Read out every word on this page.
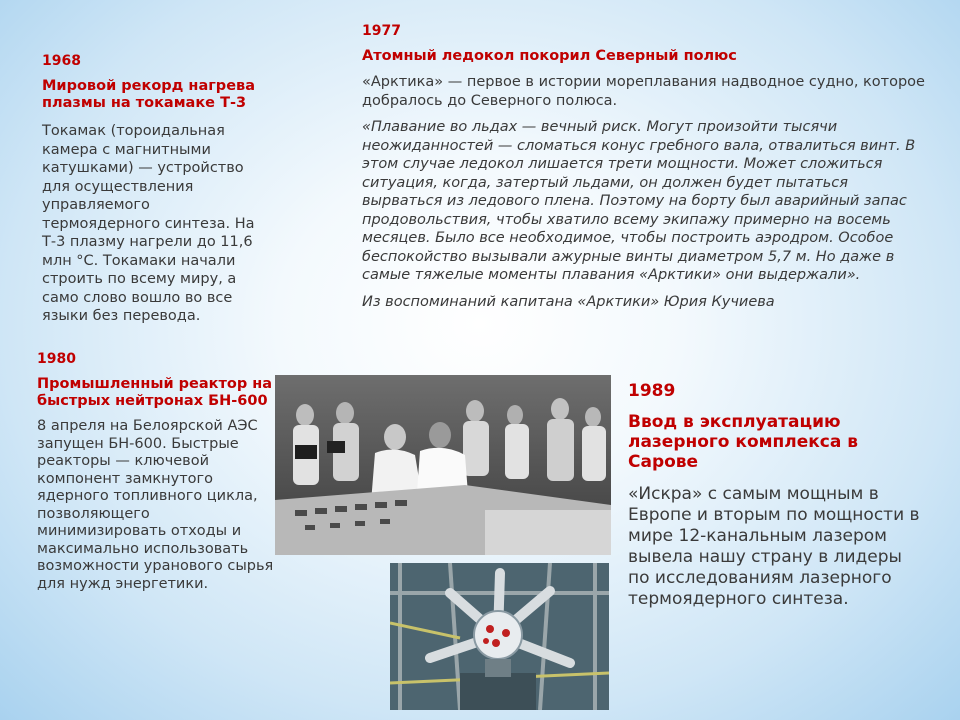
1968
Мировой рекорд нагрева плазмы на токамаке Т-3
Токамак (тороидальная камера с магнитными катушками) — устройство для осуществления управляемого термоядерного синтеза. На Т-3 плазму нагрели до 11,6 млн °С. Токамаки начали строить по всему миру, а само слово вошло во все языки без перевода.
1977
Атомный ледокол покорил Северный полюс
«Арктика» — первое в истории мореплавания надводное судно, которое добралось до Северного полюса.
«Плавание во льдах — вечный риск. Могут произойти тысячи неожиданностей — сломаться конус гребного вала, отвалиться винт. В этом случае ледокол лишается трети мощности. Может сложиться ситуация, когда, затертый льдами, он должен будет пытаться вырваться из ледового плена. Поэтому на борту был аварийный запас продовольствия, чтобы хватило всему экипажу примерно на восемь месяцев. Было все необходимое, чтобы построить аэродром. Особое беспокойство вызывали ажурные винты диаметром 5,7 м. Но даже в самые тяжелые моменты плавания «Арктики» они выдержали».
Из воспоминаний капитана «Арктики» Юрия Кучиева
1980
Промышленный реактор на быстрых нейтронах БН-600
8 апреля на Белоярской АЭС запущен БН-600. Быстрые реакторы — ключевой компонент замкнутого ядерного топливного цикла, позволяющего минимизировать отходы и максимально использовать возможности уранового сырья для нужд энергетики.
1989
Ввод в эксплуатацию лазерного комплекса в Сарове
«Искра» с самым мощным в Европе и вторым по мощности в мире 12-канальным лазером вывела нашу страну в лидеры по исследованиям лазерного термоядерного синтеза.
